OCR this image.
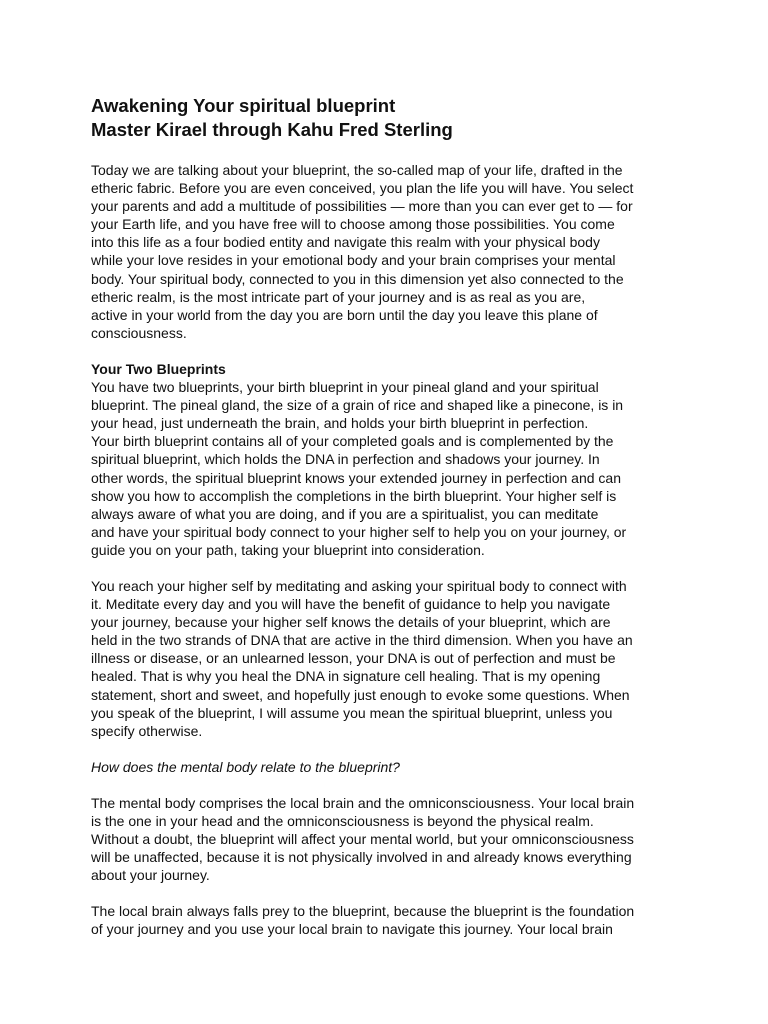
Awakening Your spiritual blueprint
Master Kirael through Kahu Fred Sterling

Today we are talking about your blueprint, the so-called map of your life, drafted in the
etheric fabric. Before you are even conceived, you plan the life you will have. You select
your parents and add a multitude of possibilities — more than you can ever get to — for
your Earth life, and you have free will to choose among those possibilities. You come
into this life as a four bodied entity and navigate this realm with your physical body
while your love resides in your emotional body and your brain comprises your mental
body. Your spiritual body, connected to you in this dimension yet also connected to the
etheric realm, is the most intricate part of your journey and is as real as you are,
active in your world from the day you are born until the day you leave this plane of
consciousness.

Your Two Blueprints
You have two blueprints, your birth blueprint in your pineal gland and your spiritual
blueprint. The pineal gland, the size of a grain of rice and shaped like a pinecone, is in
your head, just underneath the brain, and holds your birth blueprint in perfection.
Your birth blueprint contains all of your completed goals and is complemented by the
spiritual blueprint, which holds the DNA in perfection and shadows your journey. In
other words, the spiritual blueprint knows your extended journey in perfection and can
show you how to accomplish the completions in the birth blueprint. Your higher self is
always aware of what you are doing, and if you are a spiritualist, you can meditate
and have your spiritual body connect to your higher self to help you on your journey, or
guide you on your path, taking your blueprint into consideration.

You reach your higher self by meditating and asking your spiritual body to connect with
it. Meditate every day and you will have the benefit of guidance to help you navigate
your journey, because your higher self knows the details of your blueprint, which are
held in the two strands of DNA that are active in the third dimension. When you have an
illness or disease, or an unlearned lesson, your DNA is out of perfection and must be
healed. That is why you heal the DNA in signature cell healing. That is my opening
statement, short and sweet, and hopefully just enough to evoke some questions. When
you speak of the blueprint, I will assume you mean the spiritual blueprint, unless you
specify otherwise.

How does the mental body relate to the blueprint?

The mental body comprises the local brain and the omniconsciousness. Your local brain
is the one in your head and the omniconsciousness is beyond the physical realm.
Without a doubt, the blueprint will affect your mental world, but your omniconsciousness
will be unaffected, because it is not physically involved in and already knows everything
about your journey.

The local brain always falls prey to the blueprint, because the blueprint is the foundation
of your journey and you use your local brain to navigate this journey. Your local brain
